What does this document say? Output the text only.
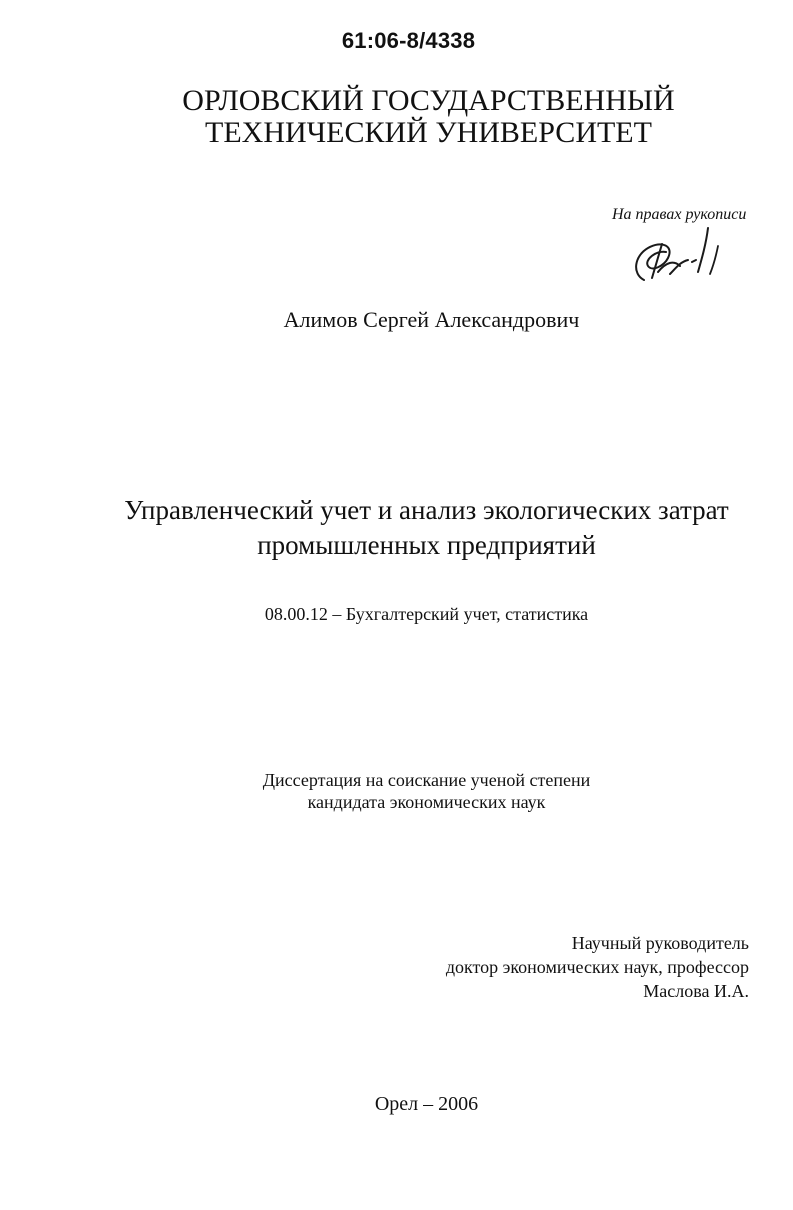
61:06-8/4338

ОРЛОВСКИЙ ГОСУДАРСТВЕННЫЙ

ТЕХНИЧЕСКИЙ УНИВЕРСИТЕТ

На правах рукописи

Алимов Сергей Александрович

Управленческий учет и анализ экологических затрат

промышленных предприятий

08.00.12 – Бухгалтерский учет, статистика

Диссертация на соискание ученой степени

кандидата экономических наук

Научный руководитель

доктор экономических наук, профессор

Маслова И.А.

Орел – 2006
